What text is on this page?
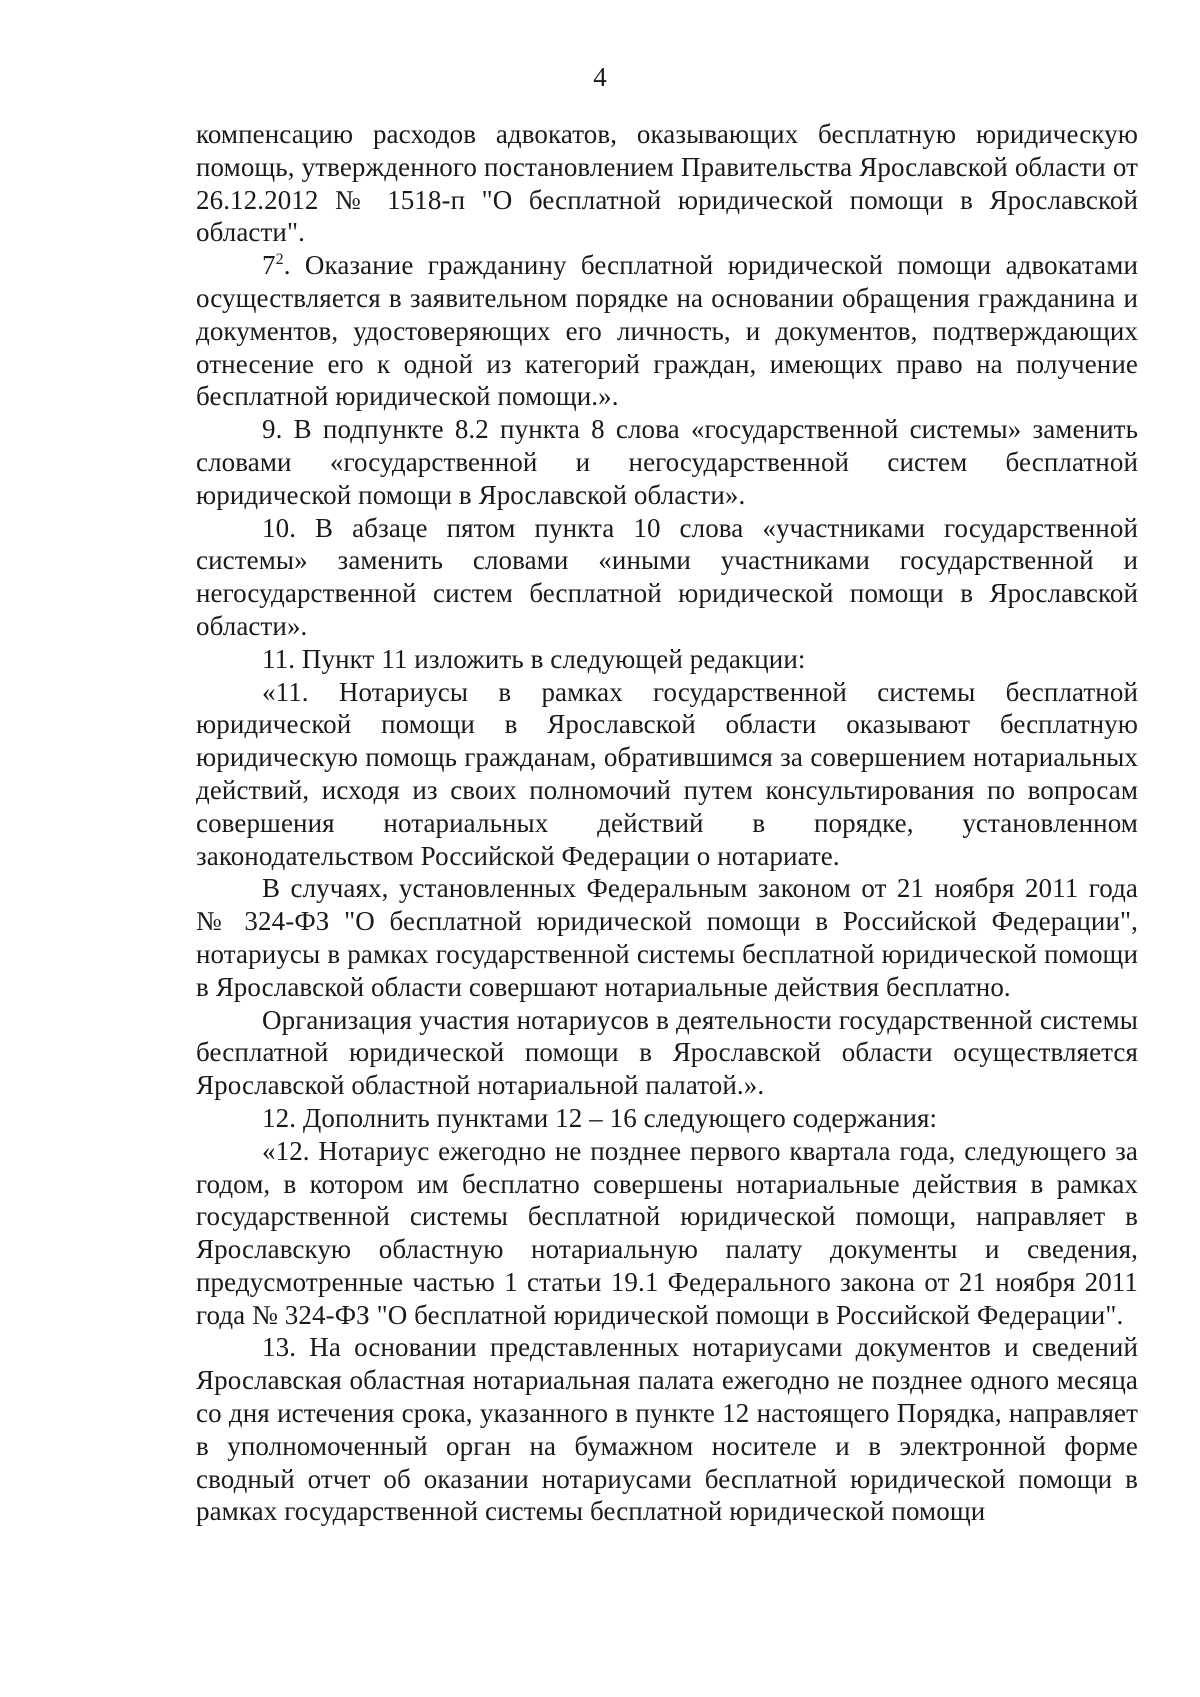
4

компенсацию расходов адвокатов, оказывающих бесплатную юридическую помощь, утвержденного постановлением Правительства Ярославской области от 26.12.2012 № 1518-п "О бесплатной юридической помощи в Ярославской области".

$7^2$. Оказание гражданину бесплатной юридической помощи адвокатами осуществляется в заявительном порядке на основании обращения гражданина и документов, удостоверяющих его личность, и документов, подтверждающих отнесение его к одной из категорий граждан, имеющих право на получение бесплатной юридической помощи.».

9. В подпункте 8.2 пункта 8 слова «государственной системы» заменить словами «государственной и негосударственной систем бесплатной юридической помощи в Ярославской области».

10. В абзаце пятом пункта 10 слова «участниками государственной системы» заменить словами «иными участниками государственной и негосударственной систем бесплатной юридической помощи в Ярославской области».

11. Пункт 11 изложить в следующей редакции:

«11. Нотариусы в рамках государственной системы бесплатной юридической помощи в Ярославской области оказывают бесплатную юридическую помощь гражданам, обратившимся за совершением нотариальных действий, исходя из своих полномочий путем консультирования по вопросам совершения нотариальных действий в порядке, установленном законодательством Российской Федерации о нотариате.

В случаях, установленных Федеральным законом от 21 ноября 2011 года № 324-ФЗ "О бесплатной юридической помощи в Российской Федерации", нотариусы в рамках государственной системы бесплатной юридической помощи в Ярославской области совершают нотариальные действия бесплатно.

Организация участия нотариусов в деятельности государственной системы бесплатной юридической помощи в Ярославской области осуществляется Ярославской областной нотариальной палатой.».

12. Дополнить пунктами 12 – 16 следующего содержания:

«12. Нотариус ежегодно не позднее первого квартала года, следующего за годом, в котором им бесплатно совершены нотариальные действия в рамках государственной системы бесплатной юридической помощи, направляет в Ярославскую областную нотариальную палату документы и сведения, предусмотренные частью 1 статьи 19.1 Федерального закона от 21 ноября 2011 года № 324-ФЗ "О бесплатной юридической помощи в Российской Федерации".

13. На основании представленных нотариусами документов и сведений Ярославская областная нотариальная палата ежегодно не позднее одного месяца со дня истечения срока, указанного в пункте 12 настоящего Порядка, направляет в уполномоченный орган на бумажном носителе и в электронной форме сводный отчет об оказании нотариусами бесплатной юридической помощи в рамках государственной системы бесплатной юридической помощи
